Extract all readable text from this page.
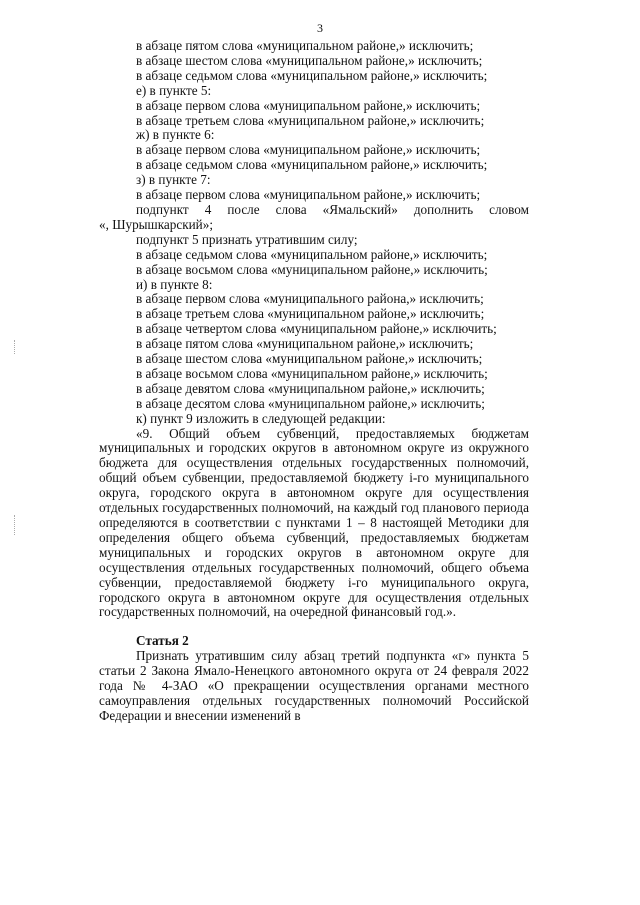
3
в абзаце пятом слова «муниципальном районе,» исключить;
в абзаце шестом слова «муниципальном районе,» исключить;
в абзаце седьмом слова «муниципальном районе,» исключить;
е) в пункте 5:
в абзаце первом слова «муниципальном районе,» исключить;
в абзаце третьем слова «муниципальном районе,» исключить;
ж) в пункте 6:
в абзаце первом слова «муниципальном районе,» исключить;
в абзаце седьмом слова «муниципальном районе,» исключить;
з) в пункте 7:
в абзаце первом слова «муниципальном районе,» исключить;
подпункт 4 после слова «Ямальский» дополнить словом
«, Шурышкарский»;
подпункт 5 признать утратившим силу;
в абзаце седьмом слова «муниципальном районе,» исключить;
в абзаце восьмом слова «муниципальном районе,» исключить;
и) в пункте 8:
в абзаце первом слова «муниципального района,» исключить;
в абзаце третьем слова «муниципальном районе,» исключить;
в абзаце четвертом слова «муниципальном районе,» исключить;
в абзаце пятом слова «муниципальном районе,» исключить;
в абзаце шестом слова «муниципальном районе,» исключить;
в абзаце восьмом слова «муниципальном районе,» исключить;
в абзаце девятом слова «муниципальном районе,» исключить;
в абзаце десятом слова «муниципальном районе,» исключить;
к) пункт 9 изложить в следующей редакции:

«9. Общий объем субвенций, предоставляемых бюджетам муниципальных и городских округов в автономном округе из окружного бюджета для осуществления отдельных государственных полномочий, общий объем субвенции, предоставляемой бюджету i-го муниципального округа, городского округа в автономном округе для осуществления отдельных государственных полномочий, на каждый год планового периода определяются в соответствии с пунктами 1 – 8 настоящей Методики для определения общего объема субвенций, предоставляемых бюджетам муниципальных и городских округов в автономном округе для осуществления отдельных государственных полномочий, общего объема субвенции, предоставляемой бюджету i-го муниципального округа, городского округа в автономном округе для осуществления отдельных государственных полномочий, на очередной финансовый год.».

Статья 2

Признать утратившим силу абзац третий подпункта «г» пункта 5 статьи 2 Закона Ямало-Ненецкого автономного округа от 24 февраля 2022 года № 4-ЗАО «О прекращении осуществления органами местного самоуправления отдельных государственных полномочий Российской Федерации и внесении изменений в
